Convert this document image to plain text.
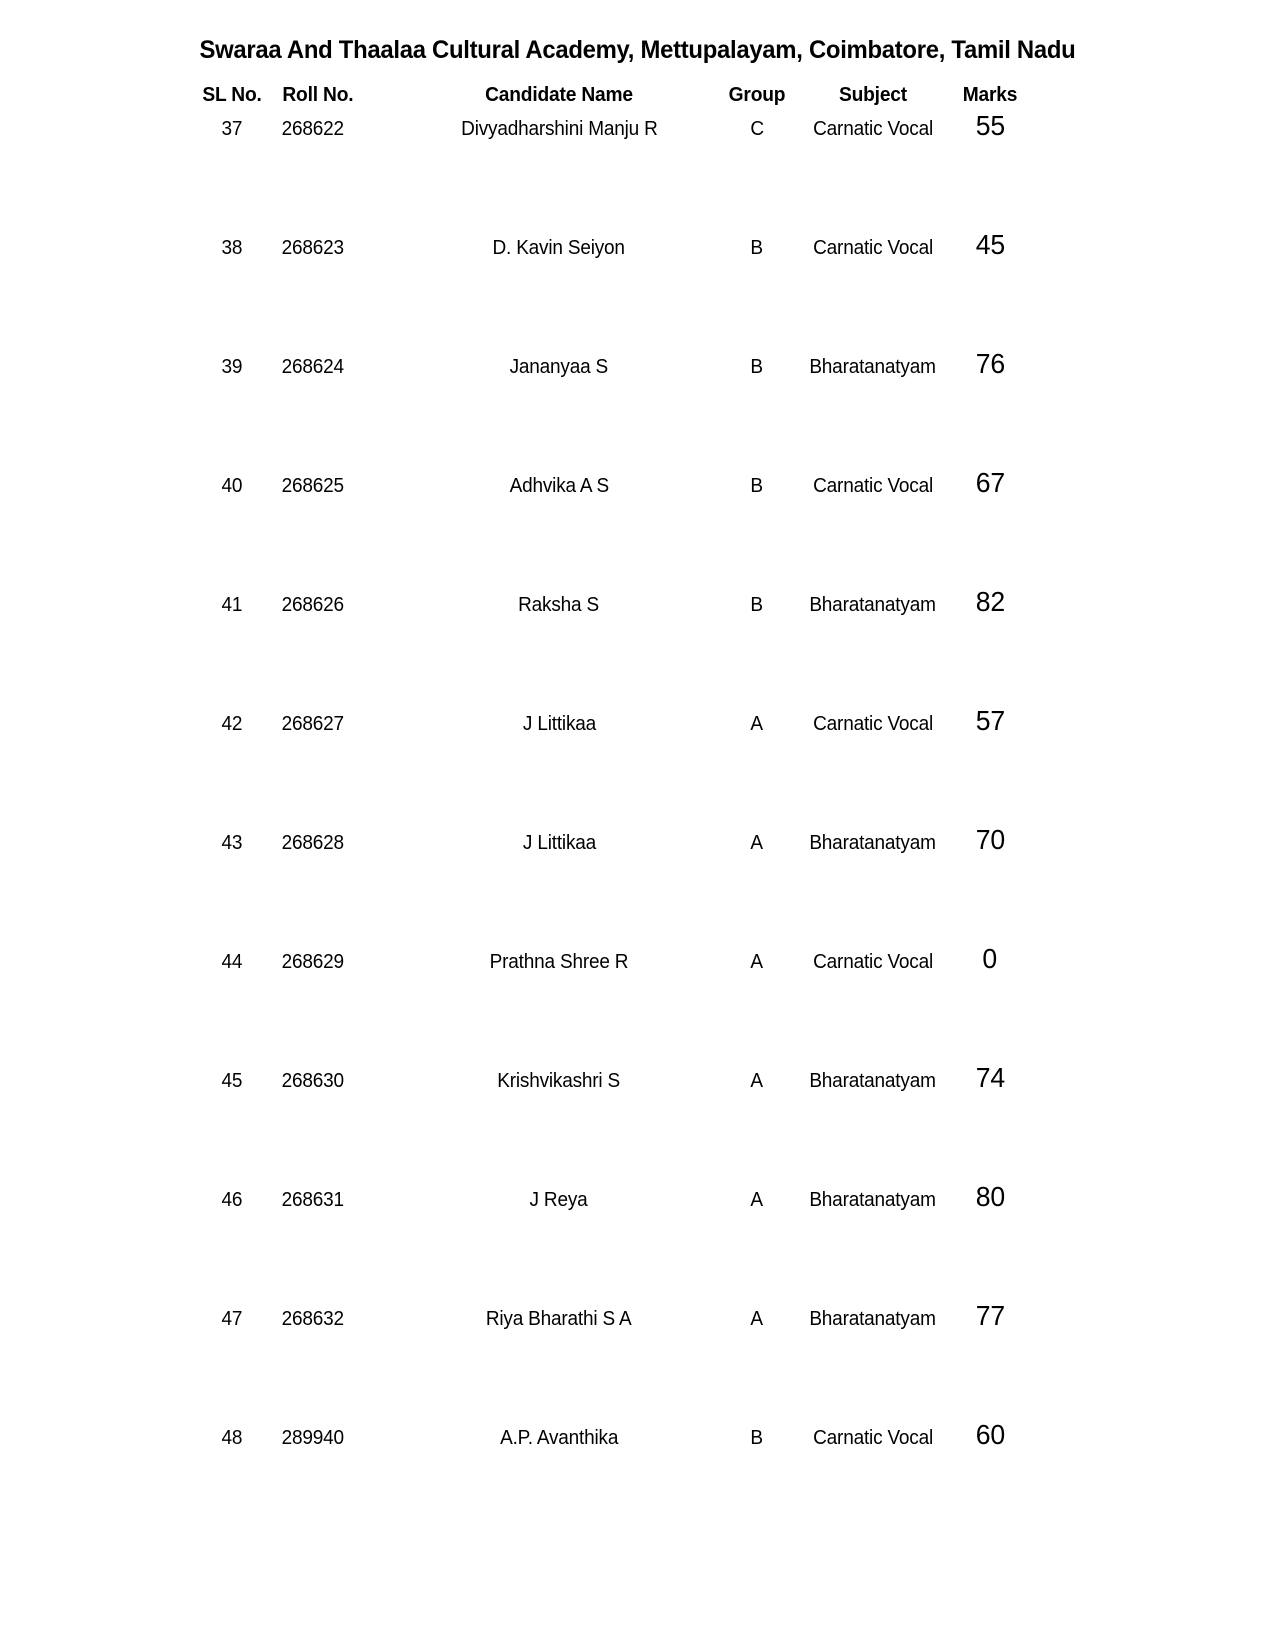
Swaraa And Thaalaa Cultural Academy, Mettupalayam, Coimbatore, Tamil Nadu
SL No.	Roll No.	Candidate Name	Group	Subject	Marks
37	268622	Divyadharshini Manju R	C	Carnatic Vocal	55
38	268623	D. Kavin Seiyon	B	Carnatic Vocal	45
39	268624	Jananyaa S	B	Bharatanatyam	76
40	268625	Adhvika A S	B	Carnatic Vocal	67
41	268626	Raksha S	B	Bharatanatyam	82
42	268627	J Littikaa	A	Carnatic Vocal	57
43	268628	J Littikaa	A	Bharatanatyam	70
44	268629	Prathna Shree R	A	Carnatic Vocal	0
45	268630	Krishvikashri S	A	Bharatanatyam	74
46	268631	J Reya	A	Bharatanatyam	80
47	268632	Riya Bharathi S A	A	Bharatanatyam	77
48	289940	A.P. Avanthika	B	Carnatic Vocal	60
